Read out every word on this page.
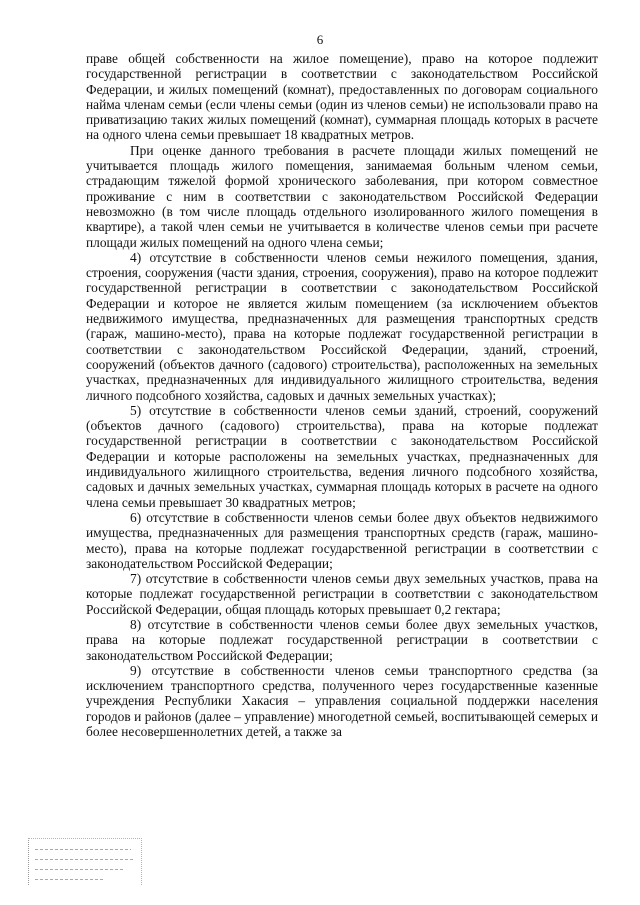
6

праве общей собственности на жилое помещение), право на которое подлежит государственной регистрации в соответствии с законодательством Российской Федерации, и жилых помещений (комнат), предоставленных по договорам социального найма членам семьи (если члены семьи (один из членов семьи) не использовали право на приватизацию таких жилых помещений (комнат), суммарная площадь которых в расчете на одного члена семьи превышает 18 квадратных метров.

При оценке данного требования в расчете площади жилых помещений не учитывается площадь жилого помещения, занимаемая больным членом семьи, страдающим тяжелой формой хронического заболевания, при котором совместное проживание с ним в соответствии с законодательством Российской Федерации невозможно (в том числе площадь отдельного изолированного жилого помещения в квартире), а такой член семьи не учитывается в количестве членов семьи при расчете площади жилых помещений на одного члена семьи;

4) отсутствие в собственности членов семьи нежилого помещения, здания, строения, сооружения (части здания, строения, сооружения), право на которое подлежит государственной регистрации в соответствии с законодательством Российской Федерации и которое не является жилым помещением (за исключением объектов недвижимого имущества, предназначенных для размещения транспортных средств (гараж, машино-место), права на которые подлежат государственной регистрации в соответствии с законодательством Российской Федерации, зданий, строений, сооружений (объектов дачного (садового) строительства), расположенных на земельных участках, предназначенных для индивидуального жилищного строительства, ведения личного подсобного хозяйства, садовых и дачных земельных участках);

5) отсутствие в собственности членов семьи зданий, строений, сооружений (объектов дачного (садового) строительства), права на которые подлежат государственной регистрации в соответствии с законодательством Российской Федерации и которые расположены на земельных участках, предназначенных для индивидуального жилищного строительства, ведения личного подсобного хозяйства, садовых и дачных земельных участках, суммарная площадь которых в расчете на одного члена семьи превышает 30 квадратных метров;

6) отсутствие в собственности членов семьи более двух объектов недвижимого имущества, предназначенных для размещения транспортных средств (гараж, машино-место), права на которые подлежат государственной регистрации в соответствии с законодательством Российской Федерации;

7) отсутствие в собственности членов семьи двух земельных участков, права на которые подлежат государственной регистрации в соответствии с законодательством Российской Федерации, общая площадь которых превышает 0,2 гектара;

8) отсутствие в собственности членов семьи более двух земельных участков, права на которые подлежат государственной регистрации в соответствии с законодательством Российской Федерации;

9) отсутствие в собственности членов семьи транспортного средства (за исключением транспортного средства, полученного через государственные казенные учреждения Республики Хакасия – управления социальной поддержки населения городов и районов (далее – управление) многодетной семьей, воспитывающей семерых и более несовершеннолетних детей, а также за
